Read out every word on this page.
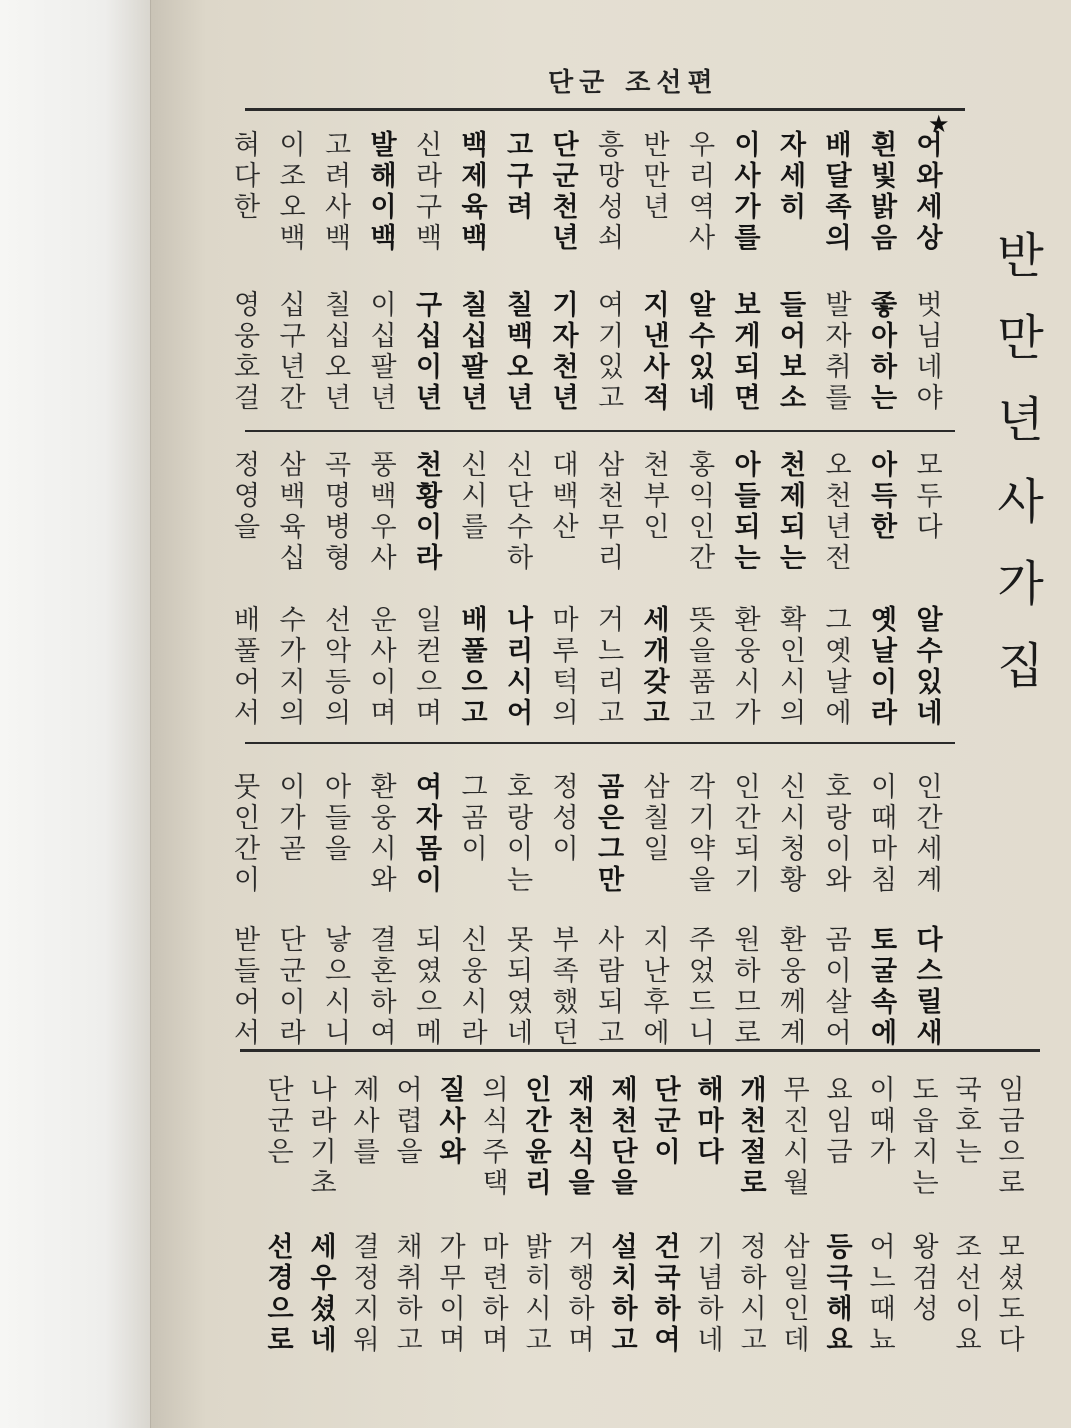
단군 조선편
★
반만년사가집
어와세상
흰빛밝음
배달족의
자세히
이사가를
우리역사
반만년
흥망성쇠
단군천년
고구려
백제육백
신라구백
발해이백
고려사백
이조오백
혀다한
벗님네야
좋아하는
발자취를
들어보소
보게되면
알수있네
지낸사적
여기있고
기자천년
칠백오년
칠십팔년
구십이년
이십팔년
칠십오년
십구년간
영웅호걸
모두다
아득한
오천년전
천제되는
아들되는
홍익인간
천부인
삼천무리
대백산
신단수하
신시를
천황이라
풍백우사
곡명병형
삼백육십
정영을
알수있네
옛날이라
그옛날에
확인시의
환웅시가
뜻을품고
세개갖고
거느리고
마루턱의
나리시어
배풀으고
일컫으며
운사이며
선악등의
수가지의
배풀어서
인간세계
이때마침
호랑이와
신시청황
인간되기
각기약을
삼칠일
곰은그만
정성이
호랑이는
그곰이
여자몸이
환웅시와
아들을
이가곧
뭇인간이
다스릴새
토굴속에
곰이살어
환웅께계
원하므로
주었드니
지난후에
사람되고
부족했던
못되였네
신웅시라
되였으메
결혼하여
낳으시니
단군이라
받들어서
임금으로
국호는
도읍지는
이때가
요임금
무진시월
개천절로
해마다
단군이
제천단을
재천식을
인간윤리
의식주택
질사와
어렵을
제사를
나라기초
단군은
모셨도다
조선이요
왕검성
어느때뇨
등극해요
삼일인데
정하시고
기념하네
건국하여
설치하고
거행하며
밝히시고
마련하며
가무이며
채취하고
결정지워
세우셨네
선경으로
